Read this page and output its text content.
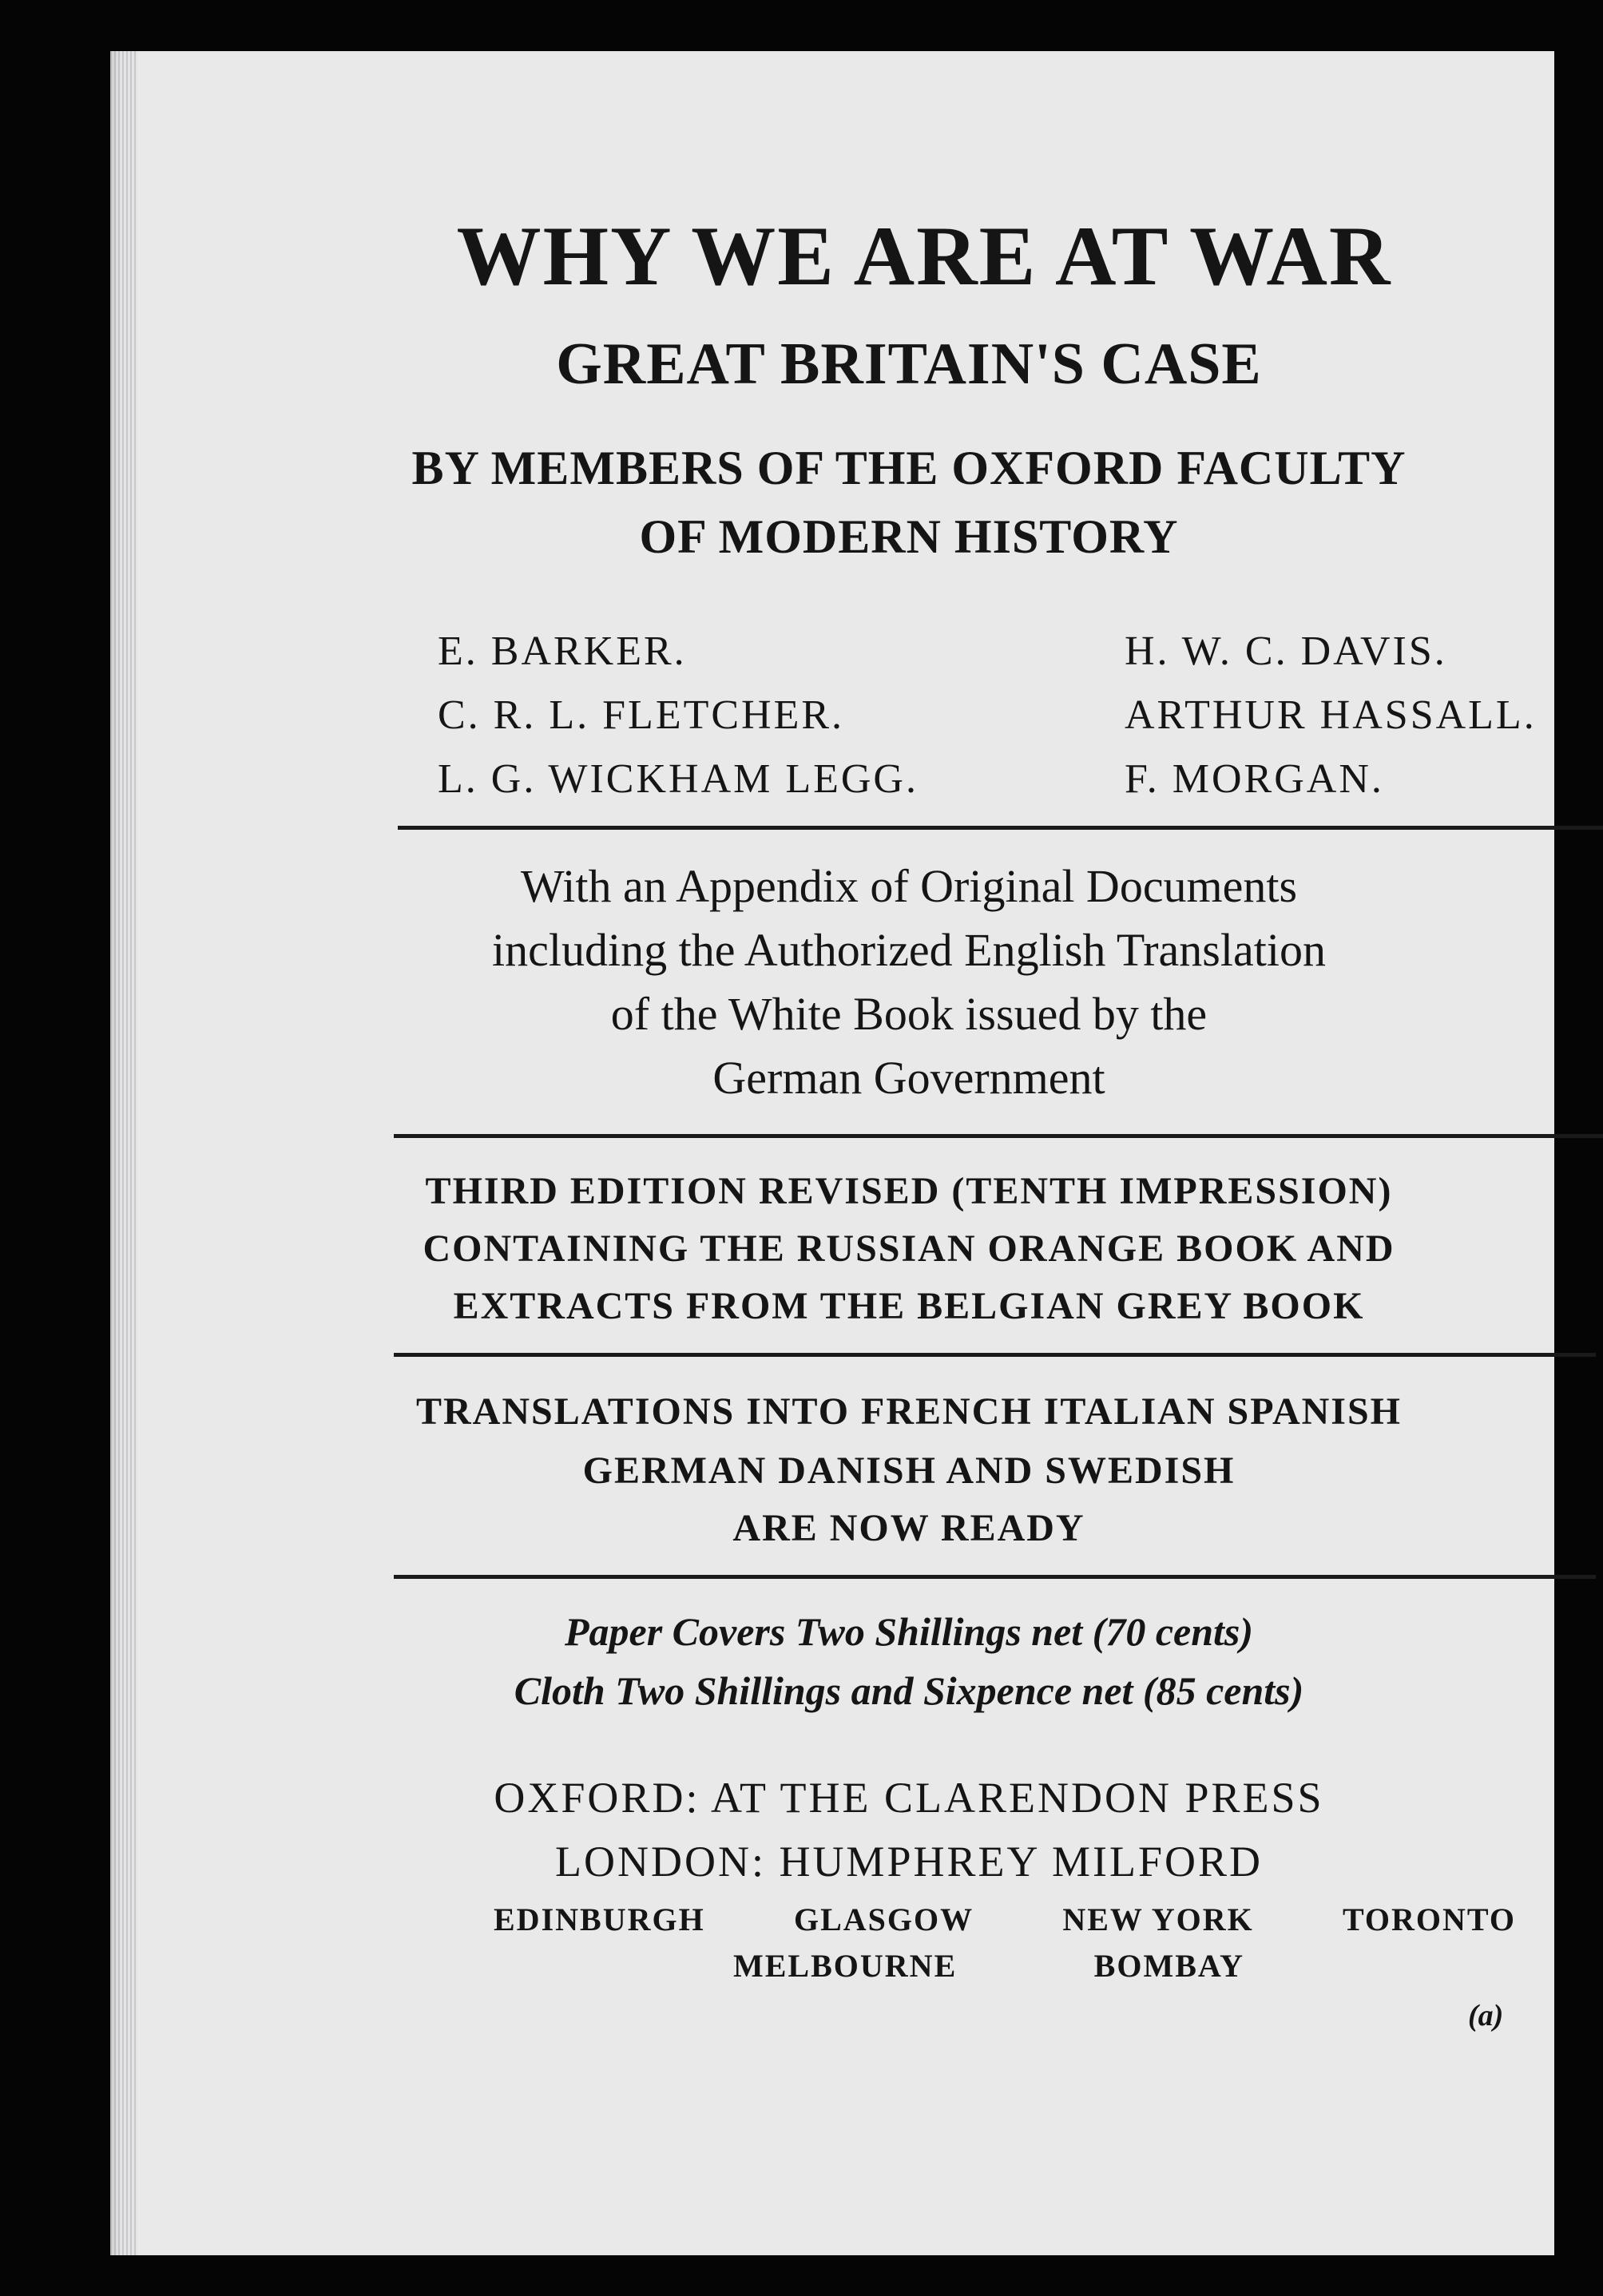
WHY WE ARE AT WAR
GREAT BRITAIN'S CASE
BY MEMBERS OF THE OXFORD FACULTY
OF MODERN HISTORY
E. BARKER.	H. W. C. DAVIS.
C. R. L. FLETCHER.	ARTHUR HASSALL.
L. G. WICKHAM LEGG.	F. MORGAN.
With an Appendix of Original Documents
including the Authorized English Translation
of the White Book issued by the
German Government
THIRD EDITION REVISED (TENTH IMPRESSION)
CONTAINING THE RUSSIAN ORANGE BOOK AND
EXTRACTS FROM THE BELGIAN GREY BOOK
TRANSLATIONS INTO FRENCH ITALIAN SPANISH
GERMAN DANISH AND SWEDISH
ARE NOW READY
Paper Covers Two Shillings net (70 cents)
Cloth Two Shillings and Sixpence net (85 cents)
OXFORD: AT THE CLARENDON PRESS
LONDON: HUMPHREY MILFORD
EDINBURGH	GLASGOW	NEW YORK	TORONTO
MELBOURNE	BOMBAY
(a)
